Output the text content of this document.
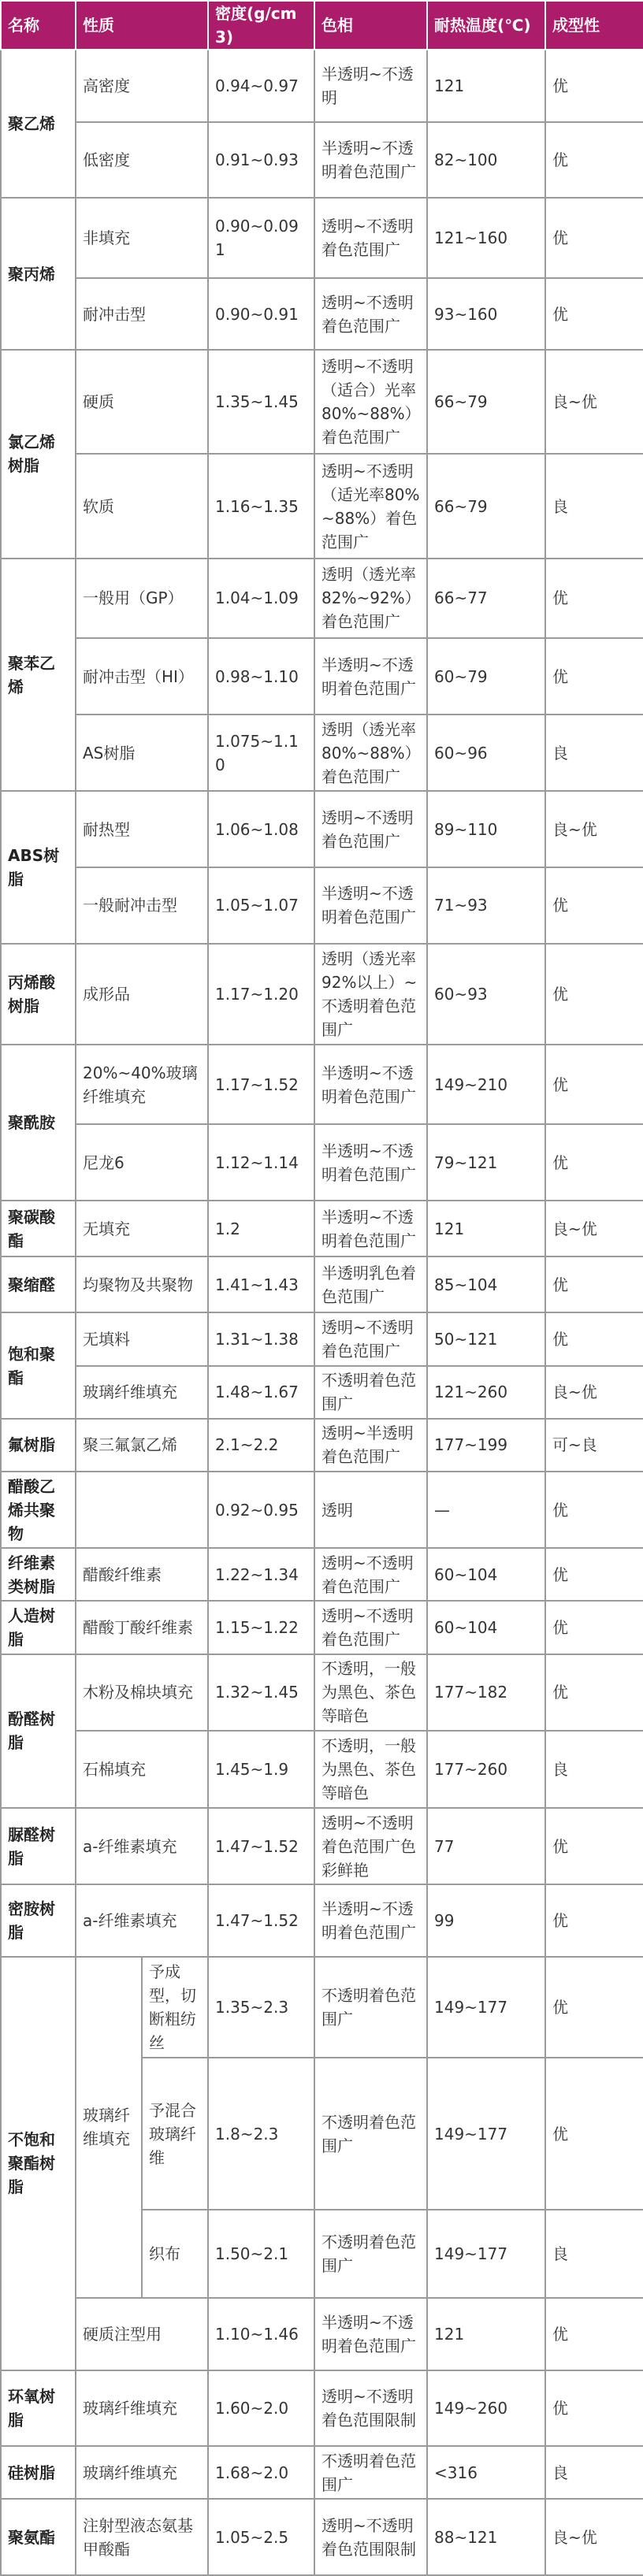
名称	性质		密度(g/cm3)	色相	耐热温度(℃)	成型性
聚乙烯	高密度		0.94~0.97	半透明~不透明	121	优
	低密度		0.91~0.93	半透明~不透明着色范围广	82~100	优
聚丙烯	非填充		0.90~0.091	透明~不透明着色范围广	121~160	优
	耐冲击型		0.90~0.91	透明~不透明着色范围广	93~160	优
氯乙烯树脂	硬质		1.35~1.45	透明~不透明（适合）光率80%~88%）着色范围广	66~79	良~优
	软质		1.16~1.35	透明~不透明（适光率80%~88%）着色范围广	66~79	良
聚苯乙烯	一般用（GP）		1.04~1.09	透明（透光率82%~92%）着色范围广	66~77	优
	耐冲击型（HI）		0.98~1.10	半透明~不透明着色范围广	60~79	优
	AS树脂		1.075~1.10	透明（透光率80%~88%）着色范围广	60~96	良
ABS树脂	耐热型		1.06~1.08	透明~不透明着色范围广	89~110	良~优
	一般耐冲击型		1.05~1.07	半透明~不透明着色范围广	71~93	优
丙烯酸树脂	成形品		1.17~1.20	透明（透光率92%以上）~不透明着色范围广	60~93	优
聚酰胺	20%~40%玻璃纤维填充		1.17~1.52	半透明~不透明着色范围广	149~210	优
	尼龙6		1.12~1.14	半透明~不透明着色范围广	79~121	优
聚碳酸酯	无填充		1.2	半透明~不透明着色范围广	121	良~优
聚缩醛	均聚物及共聚物		1.41~1.43	半透明乳色着色范围广	85~104	优
饱和聚酯	无填料		1.31~1.38	透明~不透明着色范围广	50~121	优
	玻璃纤维填充		1.48~1.67	不透明着色范围广	121~260	良~优
氟树脂	聚三氟氯乙烯		2.1~2.2	透明~半透明着色范围广	177~199	可~良
醋酸乙烯共聚物			0.92~0.95	透明	—	优
纤维素类树脂	醋酸纤维素		1.22~1.34	透明~不透明着色范围广	60~104	优
人造树脂	醋酸丁酸纤维素		1.15~1.22	透明~不透明着色范围广	60~104	优
酚醛树脂	木粉及棉块填充		1.32~1.45	不透明，一般为黑色、茶色等暗色	177~182	优
	石棉填充		1.45~1.9	不透明，一般为黑色、茶色等暗色	177~260	良
脲醛树脂	a-纤维素填充		1.47~1.52	透明~不透明着色范围广色彩鲜艳	77	优
密胺树脂	a-纤维素填充		1.47~1.52	半透明~不透明着色范围广	99	优
不饱和聚酯树脂	玻璃纤维填充	予成型，切断粗纺丝	1.35~2.3	不透明着色范围广	149~177	优
		予混合玻璃纤维	1.8~2.3	不透明着色范围广	149~177	优
		织布	1.50~2.1	不透明着色范围广	149~177	良
	硬质注型用		1.10~1.46	半透明~不透明着色范围广	121	优
环氧树脂	玻璃纤维填充		1.60~2.0	透明~不透明着色范围限制	149~260	优
硅树脂	玻璃纤维填充		1.68~2.0	不透明着色范围广	<316	良
聚氨酯	注射型液态氨基甲酸酯		1.05~2.5	透明~不透明着色范围限制	88~121	良~优
